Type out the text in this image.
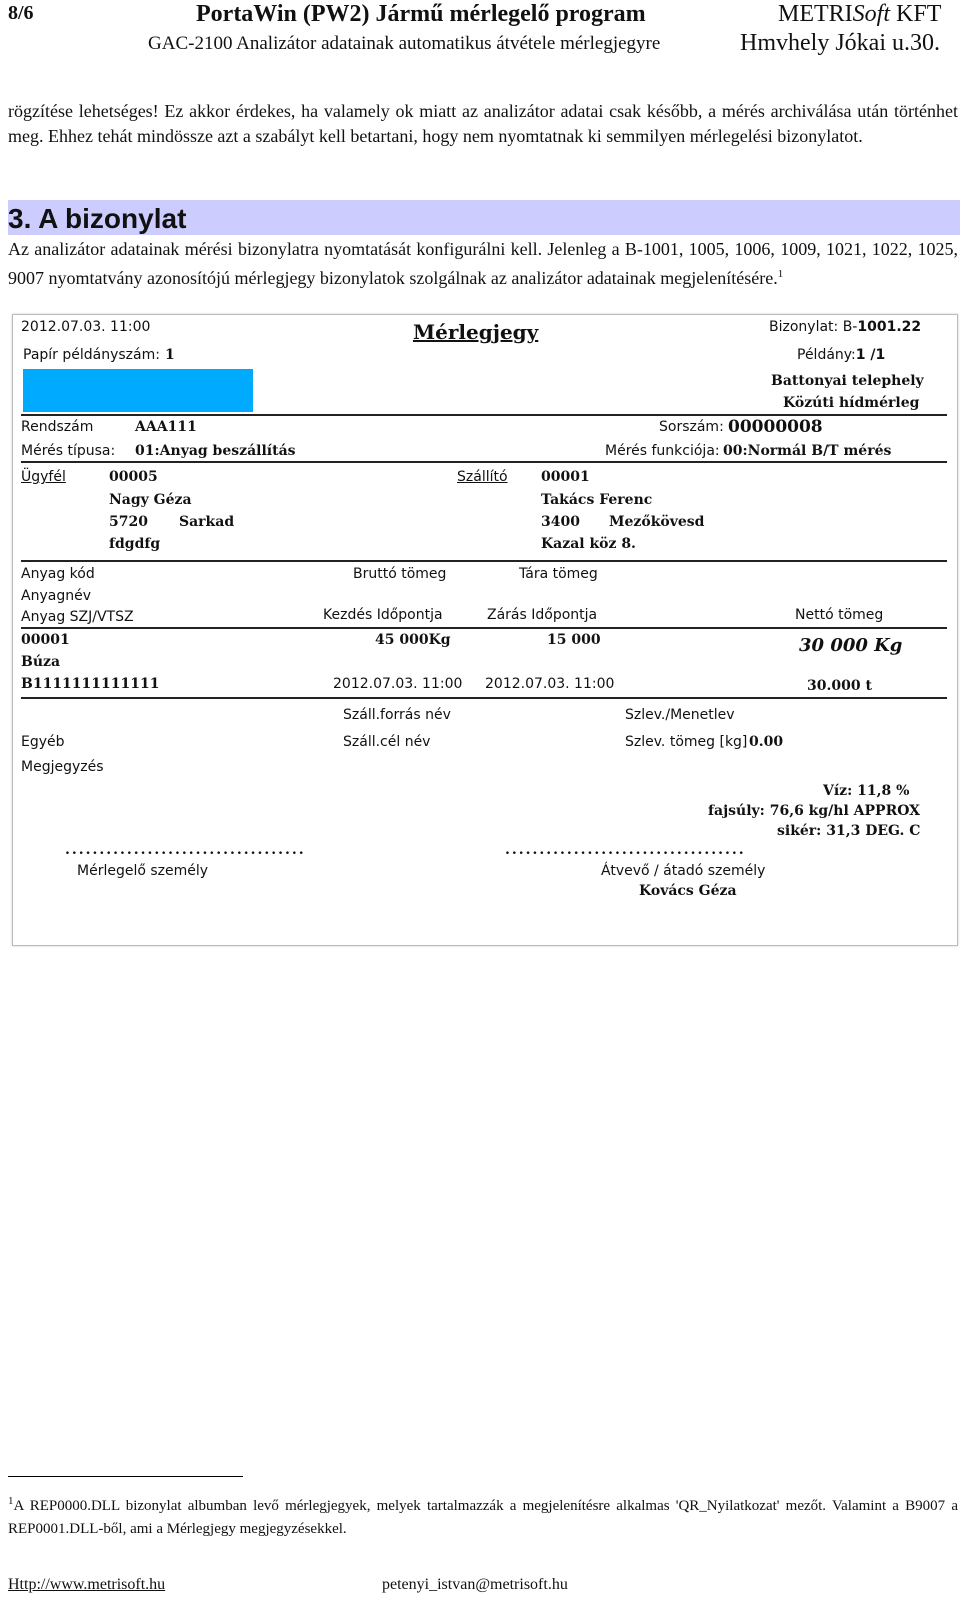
8/6	PortaWin (PW2) Jármű mérlegelő program	METRISoft KFT
GAC-2100 Analizátor adatainak automatikus átvétele mérlegjegyre	Hmvhely Jókai u.30.
rögzítése lehetséges! Ez akkor érdekes, ha valamely ok miatt az analizátor adatai csak később, a mérés archiválása után történhet meg. Ehhez tehát mindössze azt a szabályt kell betartani, hogy nem nyomtatnak ki semmilyen mérlegelési bizonylatot.
3. A bizonylat
Az analizátor adatainak mérési bizonylatra nyomtatását konfigurálni kell. Jelenleg a B-1001, 1005, 1006, 1009, 1021, 1022, 1025, 9007 nyomtatvány azonosítójú mérlegjegy bizonylatok szolgálnak az analizátor adatainak megjelenítésére.$^1$
2012.07.03. 11:00	Mérlegjegy	Bizonylat: B-1001.22
Papír példányszám: 1	Példány:1 /1
Battonyai telephely
Közúti hídmérleg
Rendszám	AAA111	Sorszám: 00000008
Mérés típusa: 01:Anyag beszállítás	Mérés funkciója: 00:Normál B/T mérés
Ügyfél	00005
Nagy Géza
5720 Sarkad
fdgdfg
Szállító 00001
Takács Ferenc
3400 Mezőkövesd
Kazal köz 8.
Anyag kód	Bruttó tömeg	Tára tömeg
Anyagnév
Anyag SZJ/VTSZ	Kezdés Időpontja	Zárás Időpontja	Nettó tömeg
00001	45 000Kg	15 000	30 000 Kg
Búza
B1111111111111	2012.07.03. 11:00 2012.07.03. 11:00	30.000 t
Száll.forrás név	Szlev./Menetlev
Egyéb	Száll.cél név	Szlev. tömeg [kg] 0.00
Megjegyzés
Víz: 11,8 %
fajsúly: 76,6 kg/hl APPROX
sikér: 31,3 DEG. C
...................................	...................................
Mérlegelő személy	Átvevő / átadó személy
Kovács Géza
$^1$A REP0000.DLL bizonylat albumban levő mérlegjegyek, melyek tartalmazzák a megjelenítésre alkalmas 'QR_Nyilatkozat' mezőt. Valamint a B9007 a REP0001.DLL-ből, ami a Mérlegjegy megjegyzésekkel.
Http://www.metrisoft.hu	petenyi_istvan@metrisoft.hu
